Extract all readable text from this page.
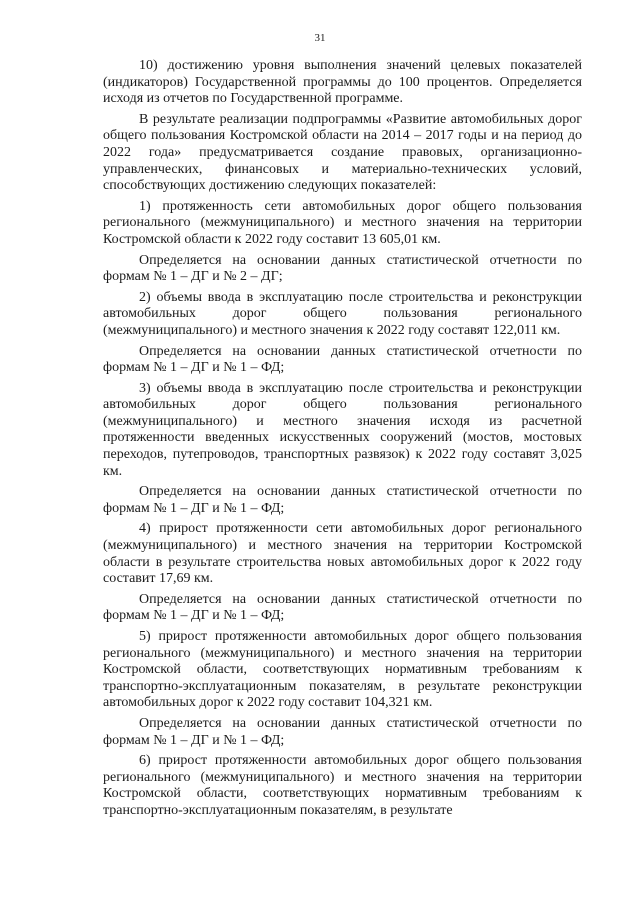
31

10) достижению уровня выполнения значений целевых показателей (индикаторов) Государственной программы до 100 процентов. Определяется исходя из отчетов по Государственной программе.

В результате реализации подпрограммы «Развитие автомобильных дорог общего пользования Костромской области на 2014 – 2017 годы и на период до 2022 года» предусматривается создание правовых, организационно-управленческих, финансовых и материально-технических условий, способствующих достижению следующих показателей:

1) протяженность сети автомобильных дорог общего пользования регионального (межмуниципального) и местного значения на территории Костромской области к 2022 году составит 13 605,01 км.

Определяется на основании данных статистической отчетности по формам № 1 – ДГ и № 2 – ДГ;

2) объемы ввода в эксплуатацию после строительства и реконструкции автомобильных дорог общего пользования регионального (межмуниципального) и местного значения к 2022 году составят 122,011 км.

Определяется на основании данных статистической отчетности по формам № 1 – ДГ и № 1 – ФД;

3) объемы ввода в эксплуатацию после строительства и реконструкции автомобильных дорог общего пользования регионального (межмуниципального) и местного значения исходя из расчетной протяженности введенных искусственных сооружений (мостов, мостовых переходов, путепроводов, транспортных развязок) к 2022 году составят 3,025 км.

Определяется на основании данных статистической отчетности по формам № 1 – ДГ и № 1 – ФД;

4) прирост протяженности сети автомобильных дорог регионального (межмуниципального) и местного значения на территории Костромской области в результате строительства новых автомобильных дорог к 2022 году составит 17,69 км.

Определяется на основании данных статистической отчетности по формам № 1 – ДГ и № 1 – ФД;

5) прирост протяженности автомобильных дорог общего пользования регионального (межмуниципального) и местного значения на территории Костромской области, соответствующих нормативным требованиям к транспортно-эксплуатационным показателям, в результате реконструкции автомобильных дорог к 2022 году составит 104,321 км.

Определяется на основании данных статистической отчетности по формам № 1 – ДГ и № 1 – ФД;

6) прирост протяженности автомобильных дорог общего пользования регионального (межмуниципального) и местного значения на территории Костромской области, соответствующих нормативным требованиям к транспортно-эксплуатационным показателям, в результате
